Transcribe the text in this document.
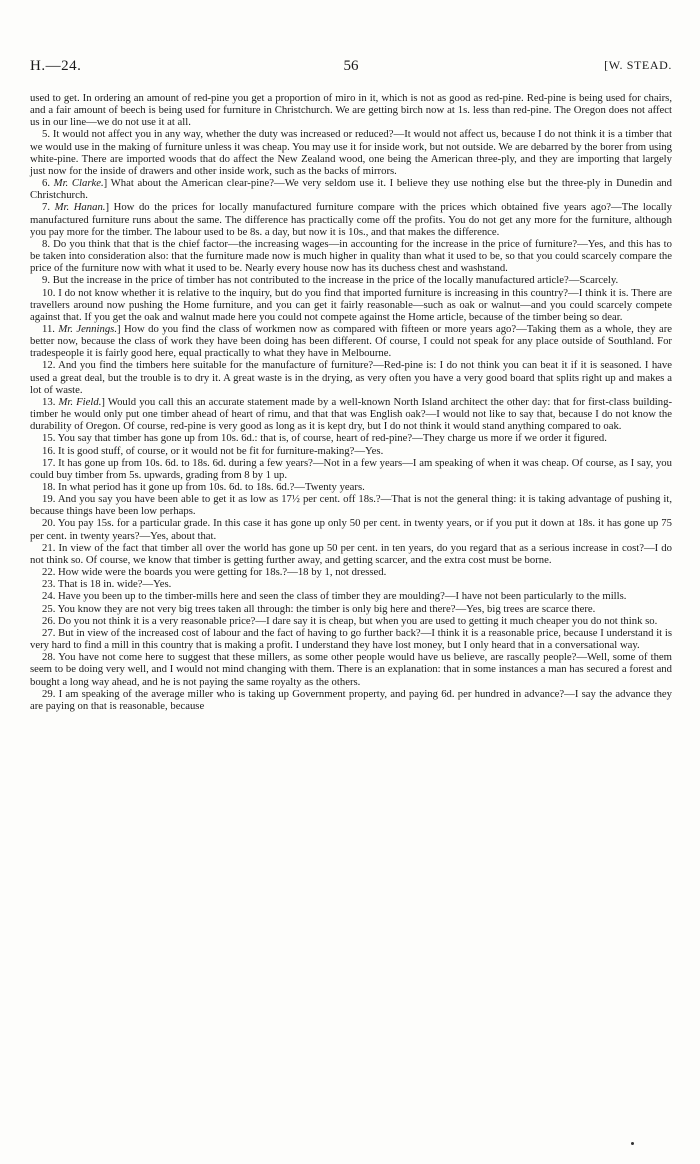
H.—24.	56	[W. STEAD.

used to get. In ordering an amount of red-pine you get a proportion of miro in it, which is not as good as red-pine. Red-pine is being used for chairs, and a fair amount of beech is being used for furniture in Christchurch. We are getting birch now at 1s. less than red-pine. The Oregon does not affect us in our line—we do not use it at all.

5. It would not affect you in any way, whether the duty was increased or reduced?—It would not affect us, because I do not think it is a timber that we would use in the making of furniture unless it was cheap. You may use it for inside work, but not outside. We are debarred by the borer from using white-pine. There are imported woods that do affect the New Zealand wood, one being the American three-ply, and they are importing that largely just now for the inside of drawers and other inside work, such as the backs of mirrors.

6. Mr. Clarke.] What about the American clear-pine?—We very seldom use it. I believe they use nothing else but the three-ply in Dunedin and Christchurch.

7. Mr. Hanan.] How do the prices for locally manufactured furniture compare with the prices which obtained five years ago?—The locally manufactured furniture runs about the same. The difference has practically come off the profits. You do not get any more for the furniture, although you pay more for the timber. The labour used to be 8s. a day, but now it is 10s., and that makes the difference.

8. Do you think that that is the chief factor—the increasing wages—in accounting for the increase in the price of furniture?—Yes, and this has to be taken into consideration also: that the furniture made now is much higher in quality than what it used to be, so that you could scarcely compare the price of the furniture now with what it used to be. Nearly every house now has its duchess chest and washstand.

9. But the increase in the price of timber has not contributed to the increase in the price of the locally manufactured article?—Scarcely.

10. I do not know whether it is relative to the inquiry, but do you find that imported furniture is increasing in this country?—I think it is. There are travellers around now pushing the Home furniture, and you can get it fairly reasonable—such as oak or walnut—and you could scarcely compete against that. If you get the oak and walnut made here you could not compete against the Home article, because of the timber being so dear.

11. Mr. Jennings.] How do you find the class of workmen now as compared with fifteen or more years ago?—Taking them as a whole, they are better now, because the class of work they have been doing has been different. Of course, I could not speak for any place outside of Southland. For tradespeople it is fairly good here, equal practically to what they have in Melbourne.

12. And you find the timbers here suitable for the manufacture of furniture?—Red-pine is: I do not think you can beat it if it is seasoned. I have used a great deal, but the trouble is to dry it. A great waste is in the drying, as very often you have a very good board that splits right up and makes a lot of waste.

13. Mr. Field.] Would you call this an accurate statement made by a well-known North Island architect the other day: that for first-class building-timber he would only put one timber ahead of heart of rimu, and that that was English oak?—I would not like to say that, because I do not know the durability of Oregon. Of course, red-pine is very good as long as it is kept dry, but I do not think it would stand anything compared to oak.

15. You say that timber has gone up from 10s. 6d.: that is, of course, heart of red-pine?—They charge us more if we order it figured.

16. It is good stuff, of course, or it would not be fit for furniture-making?—Yes.

17. It has gone up from 10s. 6d. to 18s. 6d. during a few years?—Not in a few years—I am speaking of when it was cheap. Of course, as I say, you could buy timber from 5s. upwards, grading from 8 by 1 up.

18. In what period has it gone up from 10s. 6d. to 18s. 6d.?—Twenty years.

19. And you say you have been able to get it as low as 17½ per cent. off 18s.?—That is not the general thing: it is taking advantage of pushing it, because things have been low perhaps.

20. You pay 15s. for a particular grade. In this case it has gone up only 50 per cent. in twenty years, or if you put it down at 18s. it has gone up 75 per cent. in twenty years?—Yes, about that.

21. In view of the fact that timber all over the world has gone up 50 per cent. in ten years, do you regard that as a serious increase in cost?—I do not think so. Of course, we know that timber is getting further away, and getting scarcer, and the extra cost must be borne.

22. How wide were the boards you were getting for 18s.?—18 by 1, not dressed.

23. That is 18 in. wide?—Yes.

24. Have you been up to the timber-mills here and seen the class of timber they are moulding?—I have not been particularly to the mills.

25. You know they are not very big trees taken all through: the timber is only big here and there?—Yes, big trees are scarce there.

26. Do you not think it is a very reasonable price?—I dare say it is cheap, but when you are used to getting it much cheaper you do not think so.

27. But in view of the increased cost of labour and the fact of having to go further back?—I think it is a reasonable price, because I understand it is very hard to find a mill in this country that is making a profit. I understand they have lost money, but I only heard that in a conversational way.

28. You have not come here to suggest that these millers, as some other people would have us believe, are rascally people?—Well, some of them seem to be doing very well, and I would not mind changing with them. There is an explanation: that in some instances a man has secured a forest and bought a long way ahead, and he is not paying the same royalty as the others.

29. I am speaking of the average miller who is taking up Government property, and paying 6d. per hundred in advance?—I say the advance they are paying on that is reasonable, because
